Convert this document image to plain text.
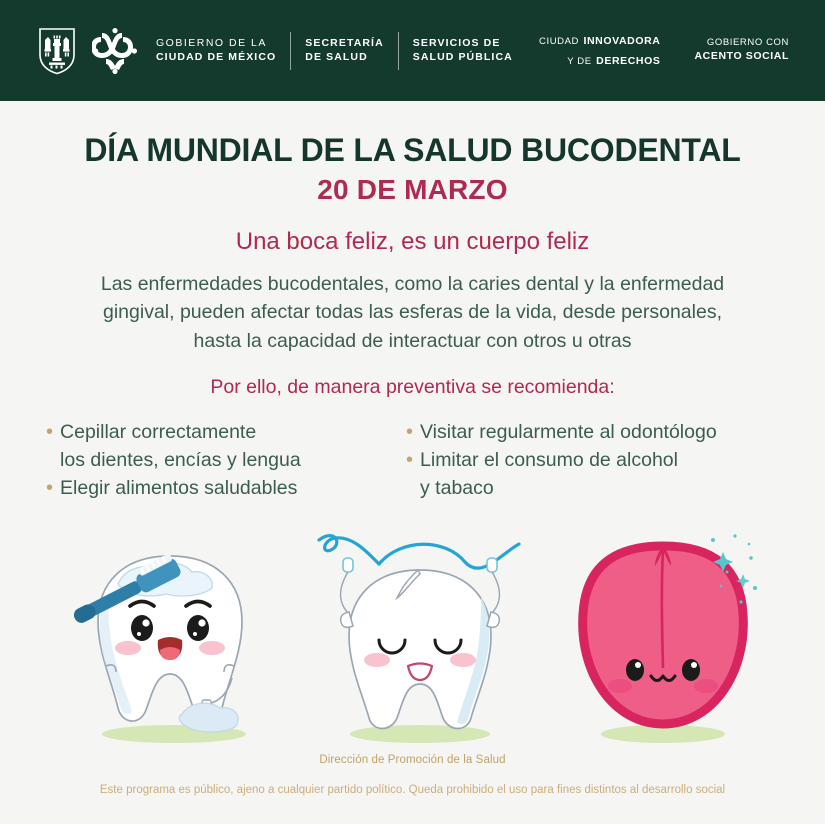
GOBIERNO DE LA
CIUDAD DE MÉXICO
SECRETARÍA
DE SALUD
SERVICIOS DE
SALUD PÚBLICA
CIUDAD INNOVADORA
Y DE DERECHOS
GOBIERNO CON
ACENTO SOCIAL
DÍA MUNDIAL DE LA SALUD BUCODENTAL
20 DE MARZO
Una boca feliz, es un cuerpo feliz
Las enfermedades bucodentales, como la caries dental y la enfermedad
gingival, pueden afectar todas las esferas de la vida, desde personales,
hasta la capacidad de interactuar con otros u otras
Por ello, de manera preventiva se recomienda:
• Cepillar correctamente
los dientes, encías y lengua
• Elegir alimentos saludables
• Visitar regularmente al odontólogo
• Limitar el consumo de alcohol
y tabaco
Dirección de Promoción de la Salud
Este programa es público, ajeno a cualquier partido político. Queda prohibido el uso para fines distintos al desarrollo social
